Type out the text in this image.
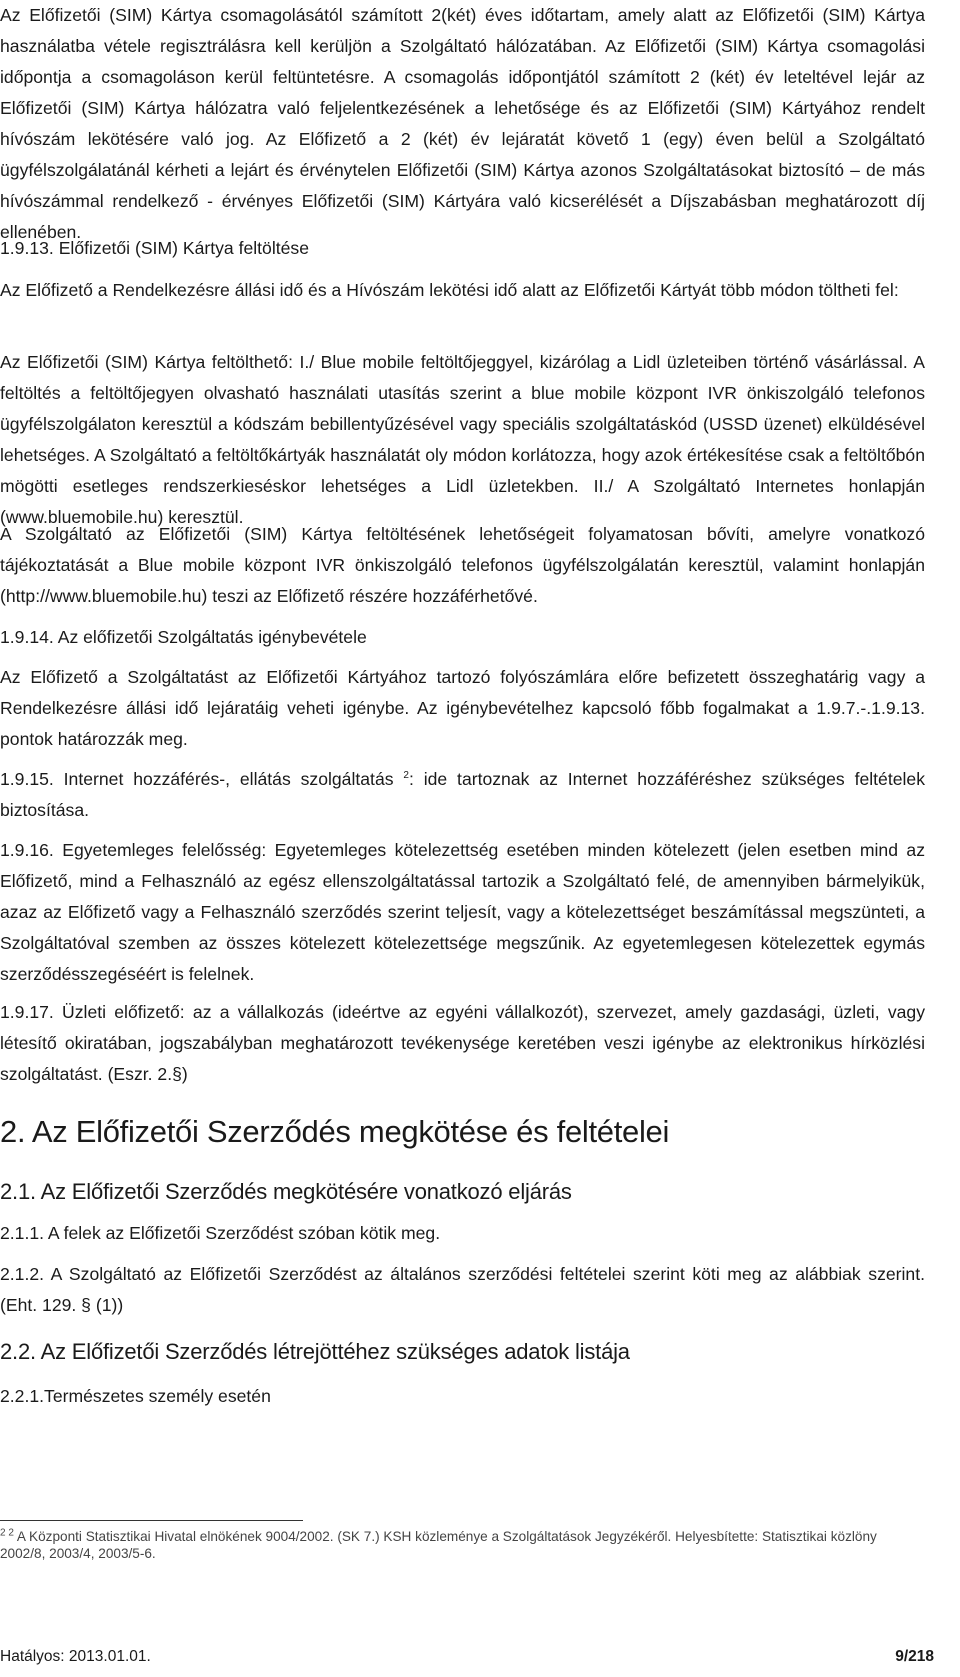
Az Előfizetői (SIM) Kártya csomagolásától számított 2(két) éves időtartam, amely alatt az Előfizetői (SIM) Kártya használatba vétele regisztrálásra kell kerüljön a Szolgáltató hálózatában. Az Előfizetői (SIM) Kártya csomagolási időpontja a csomagoláson kerül feltüntetésre. A csomagolás időpontjától számított 2 (két) év leteltével lejár az Előfizetői (SIM) Kártya hálózatra való feljelentkezésének a lehetősége és az Előfizetői (SIM) Kártyához rendelt hívószám lekötésére való jog. Az Előfizető a 2 (két) év lejáratát követő 1 (egy) éven belül a Szolgáltató ügyfélszolgálatánál kérheti a lejárt és érvénytelen Előfizetői (SIM) Kártya azonos Szolgáltatásokat biztosító – de más hívószámmal rendelkező - érvényes Előfizetői (SIM) Kártyára való kicserélését a Díjszabásban meghatározott díj ellenében.

1.9.13. Előfizetői (SIM) Kártya feltöltése

Az Előfizető a Rendelkezésre állási idő és a Hívószám lekötési idő alatt az Előfizetői Kártyát több módon töltheti fel:

Az Előfizetői (SIM) Kártya feltölthető: I./ Blue mobile feltöltőjeggyel, kizárólag a Lidl üzleteiben történő vásárlással. A feltöltés a feltöltőjegyen olvasható használati utasítás szerint a blue mobile központ IVR önkiszolgáló telefonos ügyfélszolgálaton keresztül a kódszám bebillentyűzésével vagy speciális szolgáltatáskód (USSD üzenet) elküldésével lehetséges. A Szolgáltató a feltöltőkártyák használatát oly módon korlátozza, hogy azok értékesítése csak a feltöltőbón mögötti esetleges rendszerkieséskor lehetséges a Lidl üzletekben. II./ A Szolgáltató Internetes honlapján (www.bluemobile.hu) keresztül.

A Szolgáltató az Előfizetői (SIM) Kártya feltöltésének lehetőségeit folyamatosan bővíti, amelyre vonatkozó tájékoztatását a Blue mobile központ IVR önkiszolgáló telefonos ügyfélszolgálatán keresztül, valamint honlapján (http://www.bluemobile.hu) teszi az Előfizető részére hozzáférhetővé.

1.9.14. Az előfizetői Szolgáltatás igénybevétele

Az Előfizető a Szolgáltatást az Előfizetői Kártyához tartozó folyószámlára előre befizetett összeghatárig vagy a Rendelkezésre állási idő lejáratáig veheti igénybe. Az igénybevételhez kapcsoló főbb fogalmakat a 1.9.7.-.1.9.13. pontok határozzák meg.

1.9.15. Internet hozzáférés-, ellátás szolgáltatás $^2$: ide tartoznak az Internet hozzáféréshez szükséges feltételek biztosítása.

1.9.16. Egyetemleges felelősség: Egyetemleges kötelezettség esetében minden kötelezett (jelen esetben mind az Előfizető, mind a Felhasználó az egész ellenszolgáltatással tartozik a Szolgáltató felé, de amennyiben bármelyikük, azaz az Előfizető vagy a Felhasználó szerződés szerint teljesít, vagy a kötelezettséget beszámítással megszünteti, a Szolgáltatóval szemben az összes kötelezett kötelezettsége megszűnik. Az egyetemlegesen kötelezettek egymás szerződésszegéséért is felelnek.

1.9.17. Üzleti előfizető: az a vállalkozás (ideértve az egyéni vállalkozót), szervezet, amely gazdasági, üzleti, vagy létesítő okiratában, jogszabályban meghatározott tevékenysége keretében veszi igénybe az elektronikus hírközlési szolgáltatást. (Eszr. 2.§)

2. Az Előfizetői Szerződés megkötése és feltételei
2.1. Az Előfizetői Szerződés megkötésére vonatkozó eljárás

2.1.1. A felek az Előfizetői Szerződést szóban kötik meg.

2.1.2. A Szolgáltató az Előfizetői Szerződést az általános szerződési feltételei szerint köti meg az alábbiak szerint. (Eht. 129. § (1))

2.2. Az Előfizetői Szerződés létrejöttéhez szükséges adatok listája

2.2.1.Természetes személy esetén

$^{2 2}$ A Központi Statisztikai Hivatal elnökének 9004/2002. (SK 7.) KSH közleménye a Szolgáltatások Jegyzékéről. Helyesbítette: Statisztikai közlöny 2002/8, 2003/4, 2003/5-6.
Hatályos: 2013.01.01.	9/218
